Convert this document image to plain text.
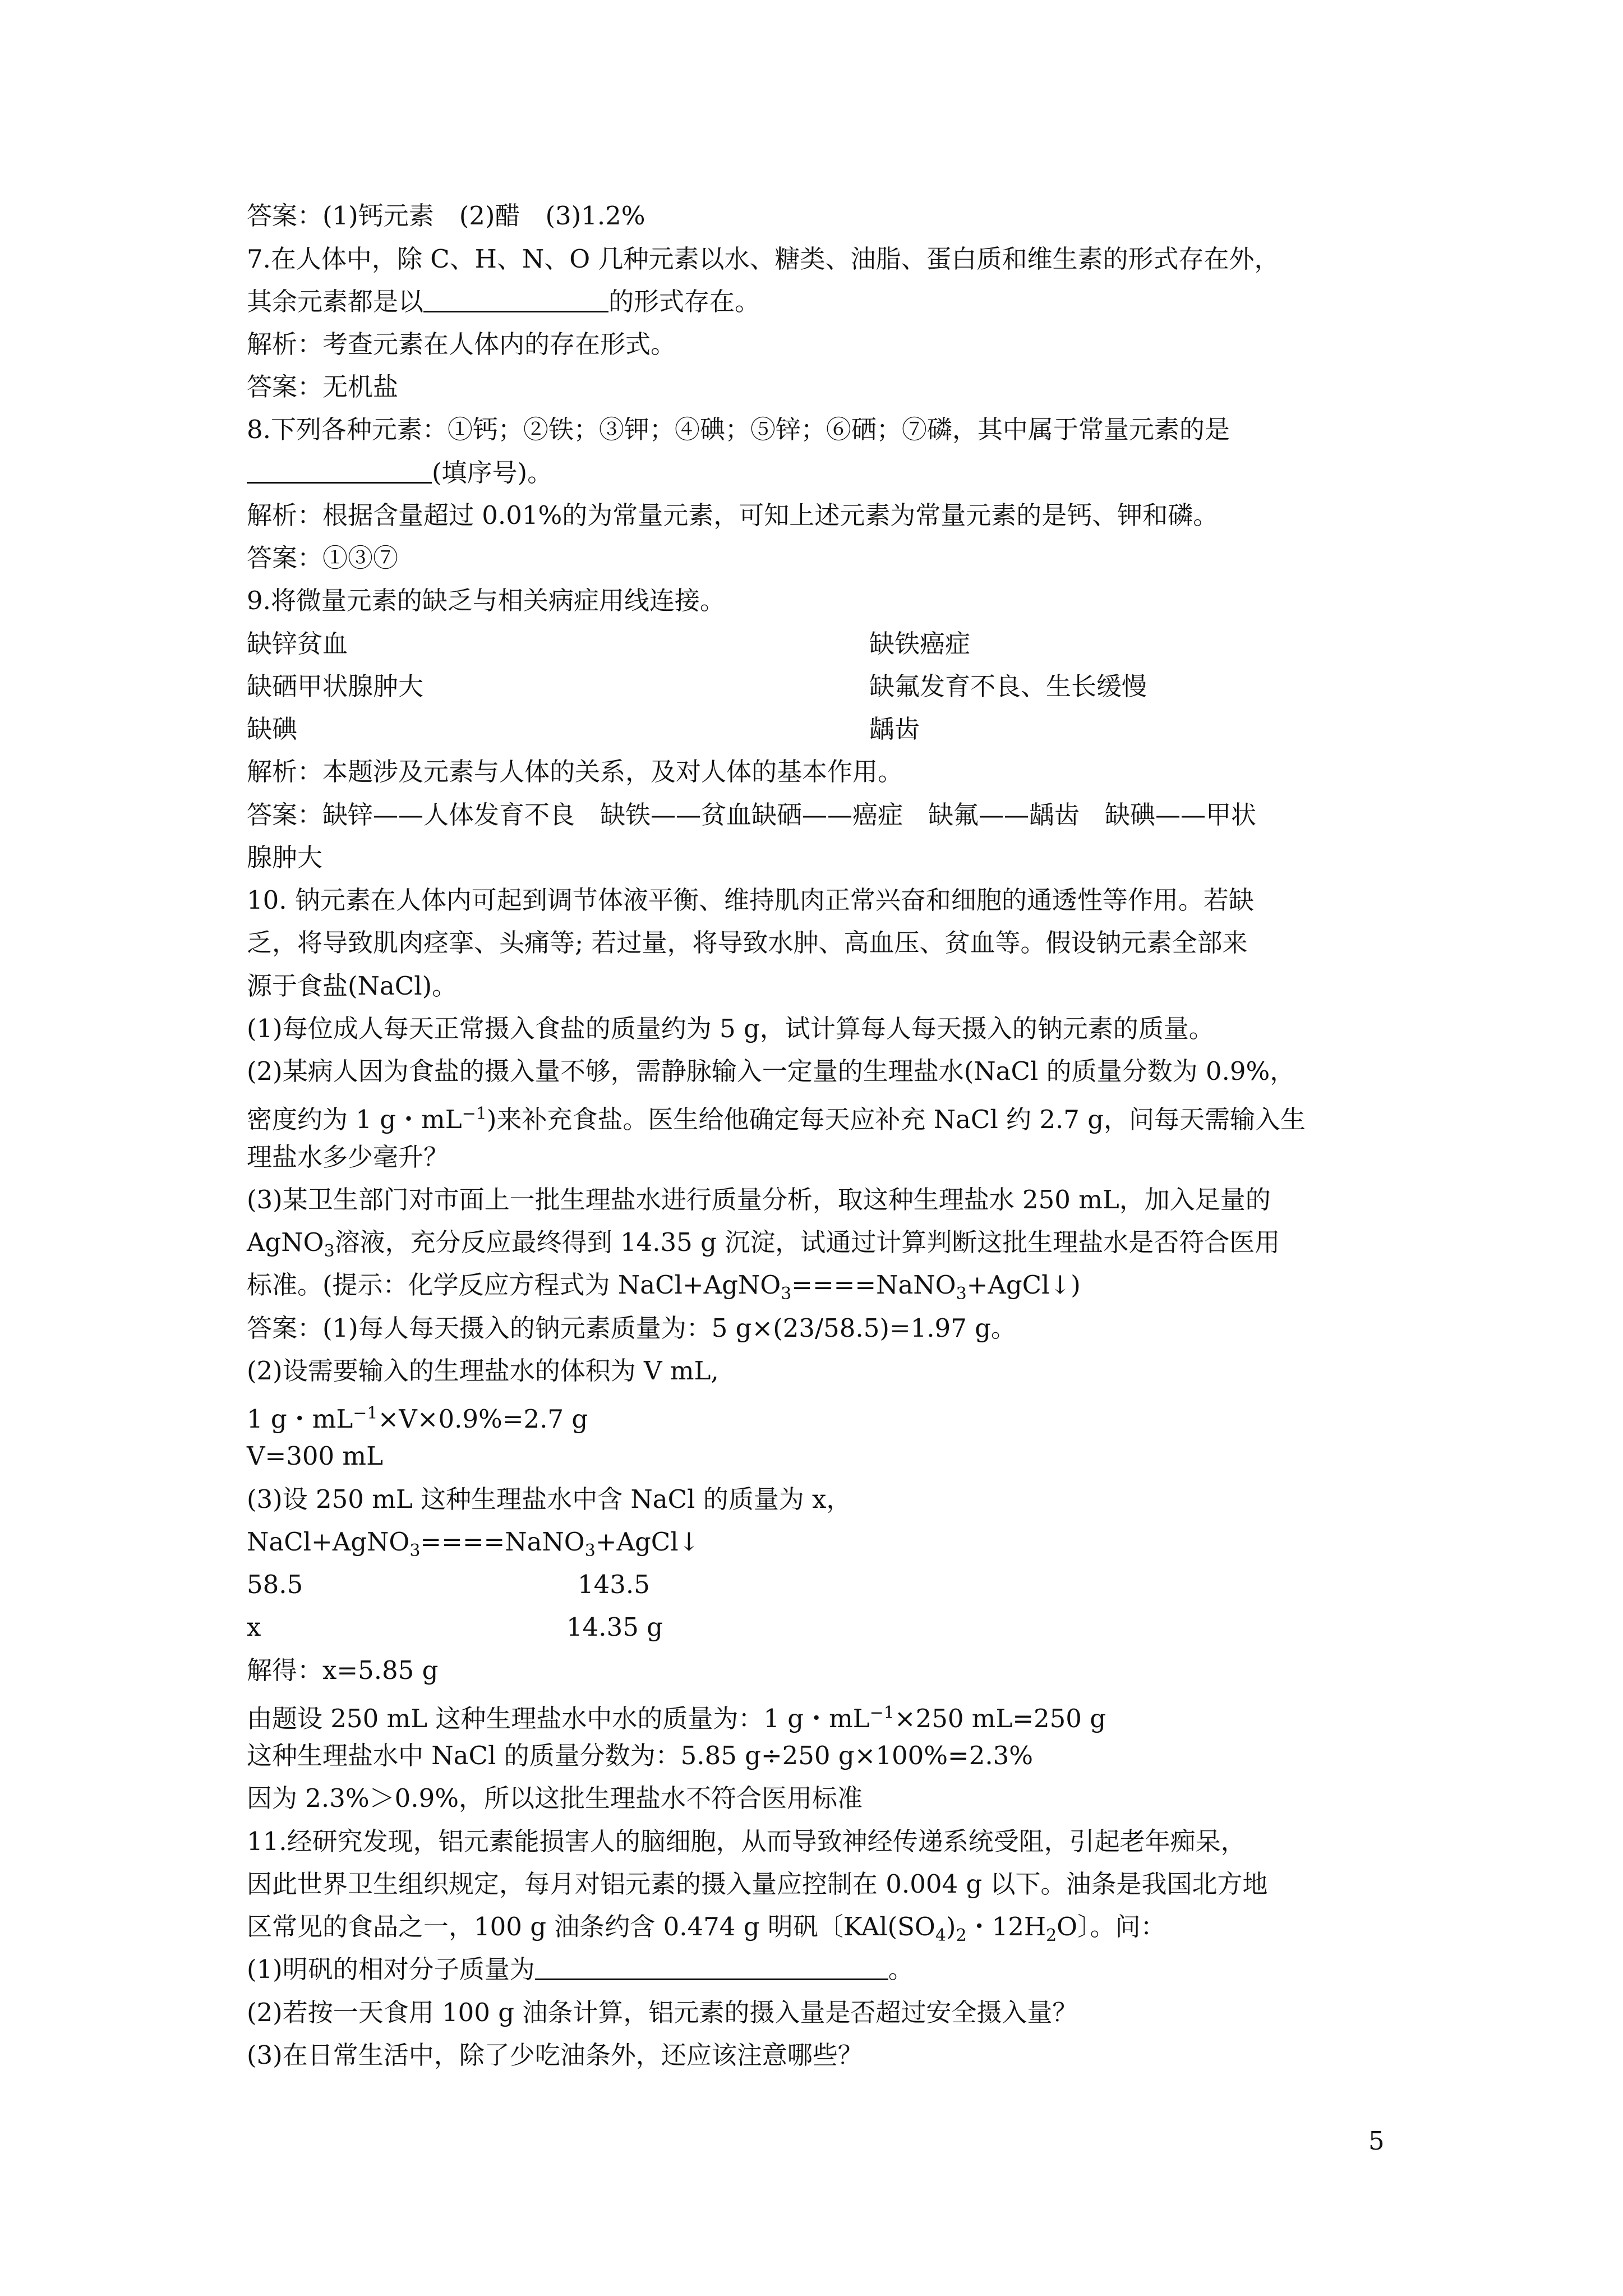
答案：(1)钙元素　(2)醋　(3)1.2%
7.在人体中，除 C、H、N、O 几种元素以水、糖类、油脂、蛋白质和维生素的形式存在外，
其余元素都是以	的形式存在。
解析：考查元素在人体内的存在形式。
答案：无机盐
8.下列各种元素：①钙；②铁；③钾；④碘；⑤锌；⑥硒；⑦磷，其中属于常量元素的是
(填序号)。
解析：根据含量超过 0.01%的为常量元素，可知上述元素为常量元素的是钙、钾和磷。
答案：①③⑦
9.将微量元素的缺乏与相关病症用线连接。
缺锌贫血	缺铁癌症
缺硒甲状腺肿大	缺氟发育不良、生长缓慢
缺碘	龋齿
解析：本题涉及元素与人体的关系，及对人体的基本作用。
答案：缺锌——人体发育不良　缺铁——贫血缺硒——癌症　缺氟——龋齿　缺碘——甲状
腺肿大
10. 钠元素在人体内可起到调节体液平衡、维持肌肉正常兴奋和细胞的通透性等作用。若缺
乏，将导致肌肉痉挛、头痛等; 若过量，将导致水肿、高血压、贫血等。假设钠元素全部来
源于食盐(NaCl)。
(1)每位成人每天正常摄入食盐的质量约为 5 g，试计算每人每天摄入的钠元素的质量。
(2)某病人因为食盐的摄入量不够，需静脉输入一定量的生理盐水(NaCl 的质量分数为 0.9%，
密度约为 1 g・$mL^{-1}$)来补充食盐。医生给他确定每天应补充 NaCl 约 2.7 g，问每天需输入生
理盐水多少毫升？
(3)某卫生部门对市面上一批生理盐水进行质量分析，取这种生理盐水 250 mL，加入足量的
AgNO$_3$溶液，充分反应最终得到 14.35 g 沉淀，试通过计算判断这批生理盐水是否符合医用
标准。(提示：化学反应方程式为 NaCl+AgNO$_3$====NaNO$_3$+AgCl↓)
答案：(1)每人每天摄入的钠元素质量为：5 g×(23/58.5)=1.97 g。
(2)设需要输入的生理盐水的体积为 V mL,
1 g・$mL^{-1}\times V\times 0.9\%=2.7$ g
V=300 mL
(3)设 250 mL 这种生理盐水中含 NaCl 的质量为 x，
NaCl+AgNO$_3$====NaNO$_3$+AgCl↓
58.5	143.5
x	14.35 g
解得：x=5.85 g
由题设 250 mL 这种生理盐水中水的质量为：1 g・$mL^{-1}\times 250$ mL=250 g
这种生理盐水中 NaCl 的质量分数为：5.85 g÷250 g×100%=2.3%
因为 2.3%＞0.9%，所以这批生理盐水不符合医用标准
11.经研究发现，铝元素能损害人的脑细胞，从而导致神经传递系统受阻，引起老年痴呆，
因此世界卫生组织规定，每月对铝元素的摄入量应控制在 0.004 g 以下。油条是我国北方地
区常见的食品之一，100 g 油条约含 0.474 g 明矾〔$KAl(SO_4)_2$・$12H_2O$〕。问：
(1)明矾的相对分子质量为	。
(2)若按一天食用 100 g 油条计算，铝元素的摄入量是否超过安全摄入量？
(3)在日常生活中，除了少吃油条外，还应该注意哪些？
5
